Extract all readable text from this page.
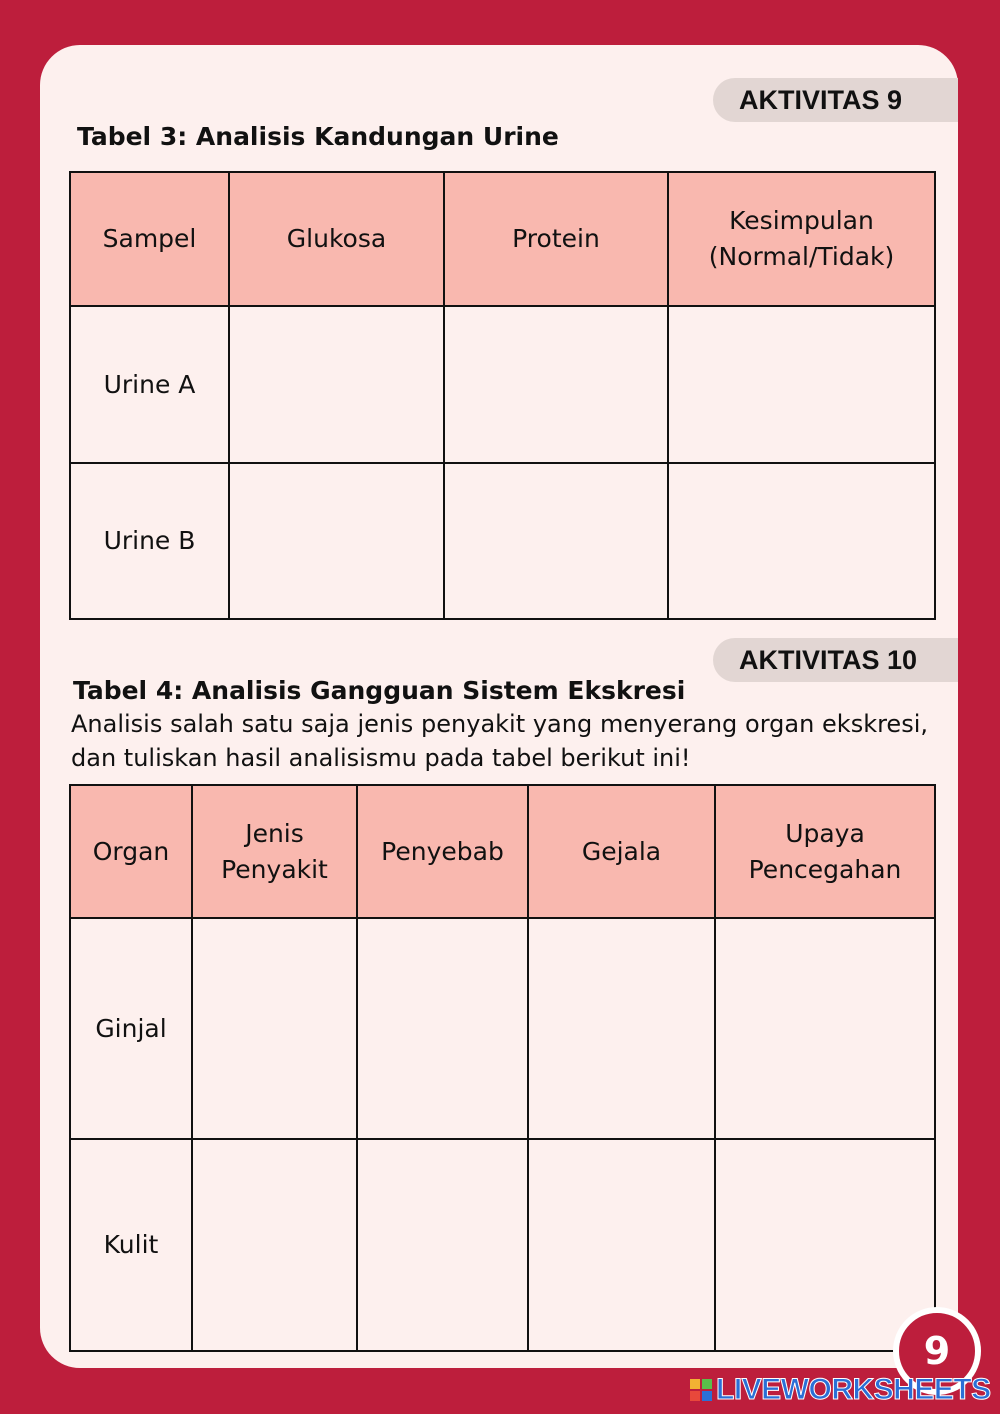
AKTIVITAS 9
Tabel 3: Analisis Kandungan Urine
Sampel	Glukosa	Protein	Kesimpulan (Normal/Tidak)
Urine A			
Urine B			
AKTIVITAS 10
Tabel 4: Analisis Gangguan Sistem Ekskresi

Analisis salah satu saja jenis penyakit yang menyerang organ ekskresi, dan tuliskan hasil analisismu pada tabel berikut ini!

Organ	Jenis Penyakit	Penyebab	Gejala	Upaya Pencegahan
Ginjal				
Kulit				
9
LIVEWORKSHEETS
